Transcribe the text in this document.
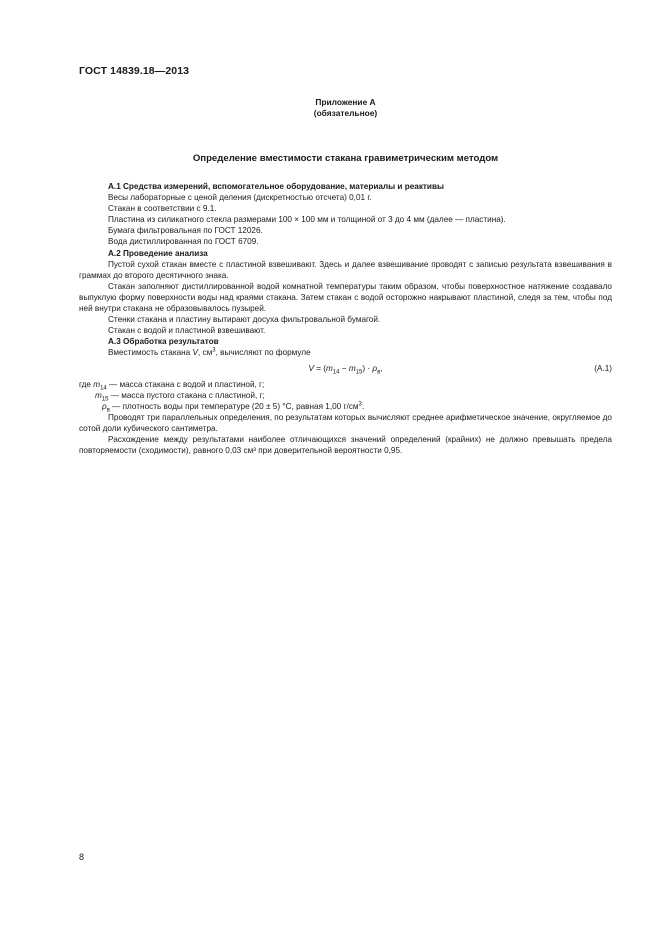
ГОСТ 14839.18—2013
Приложение А
(обязательное)
Определение вместимости стакана гравиметрическим методом

А.1 Средства измерений, вспомогательное оборудование, материалы и реактивы

Весы лабораторные с ценой деления (дискретностью отсчета) 0,01 г.

Стакан в соответствии с 9.1.

Пластина из силикатного стекла размерами 100 × 100 мм и толщиной от 3 до 4 мм (далее — пластина).

Бумага фильтровальная по ГОСТ 12026.

Вода дистиллированная по ГОСТ 6709.

А.2 Проведение анализа

Пустой сухой стакан вместе с пластиной взвешивают. Здесь и далее взвешивание проводят с записью результата взвешивания в граммах до второго десятичного знака.

Стакан заполняют дистиллированной водой комнатной температуры таким образом, чтобы поверхностное натяжение создавало выпуклую форму поверхности воды над краями стакана. Затем стакан с водой осторожно накрывают пластиной, следя за тем, чтобы под ней внутри стакана не образовывалось пузырей.

Стенки стакана и пластину вытирают досуха фильтровальной бумагой.

Стакан с водой и пластиной взвешивают.

А.3 Обработка результатов

Вместимость стакана V, $см^3$, вычисляют по формуле

$V = (m_{14} - m_{15}) \cdot \rho_в$,	(А.1)

где $m_{14}$ — масса стакана с водой и пластиной, г;

$m_{15}$ — масса пустого стакана с пластиной, г;

$\rho_в$ — плотность воды при температуре (20 ± 5) °С, равная 1,00 $г/см^3$.

Проводят три параллельных определения, по результатам которых вычисляют среднее арифметическое значение, округляемое до сотой доли кубического сантиметра.

Расхождение между результатами наиболее отличающихся значений определений (крайних) не должно превышать предела повторяемости (сходимости), равного 0,03 см³ при доверительной вероятности 0,95.

8
